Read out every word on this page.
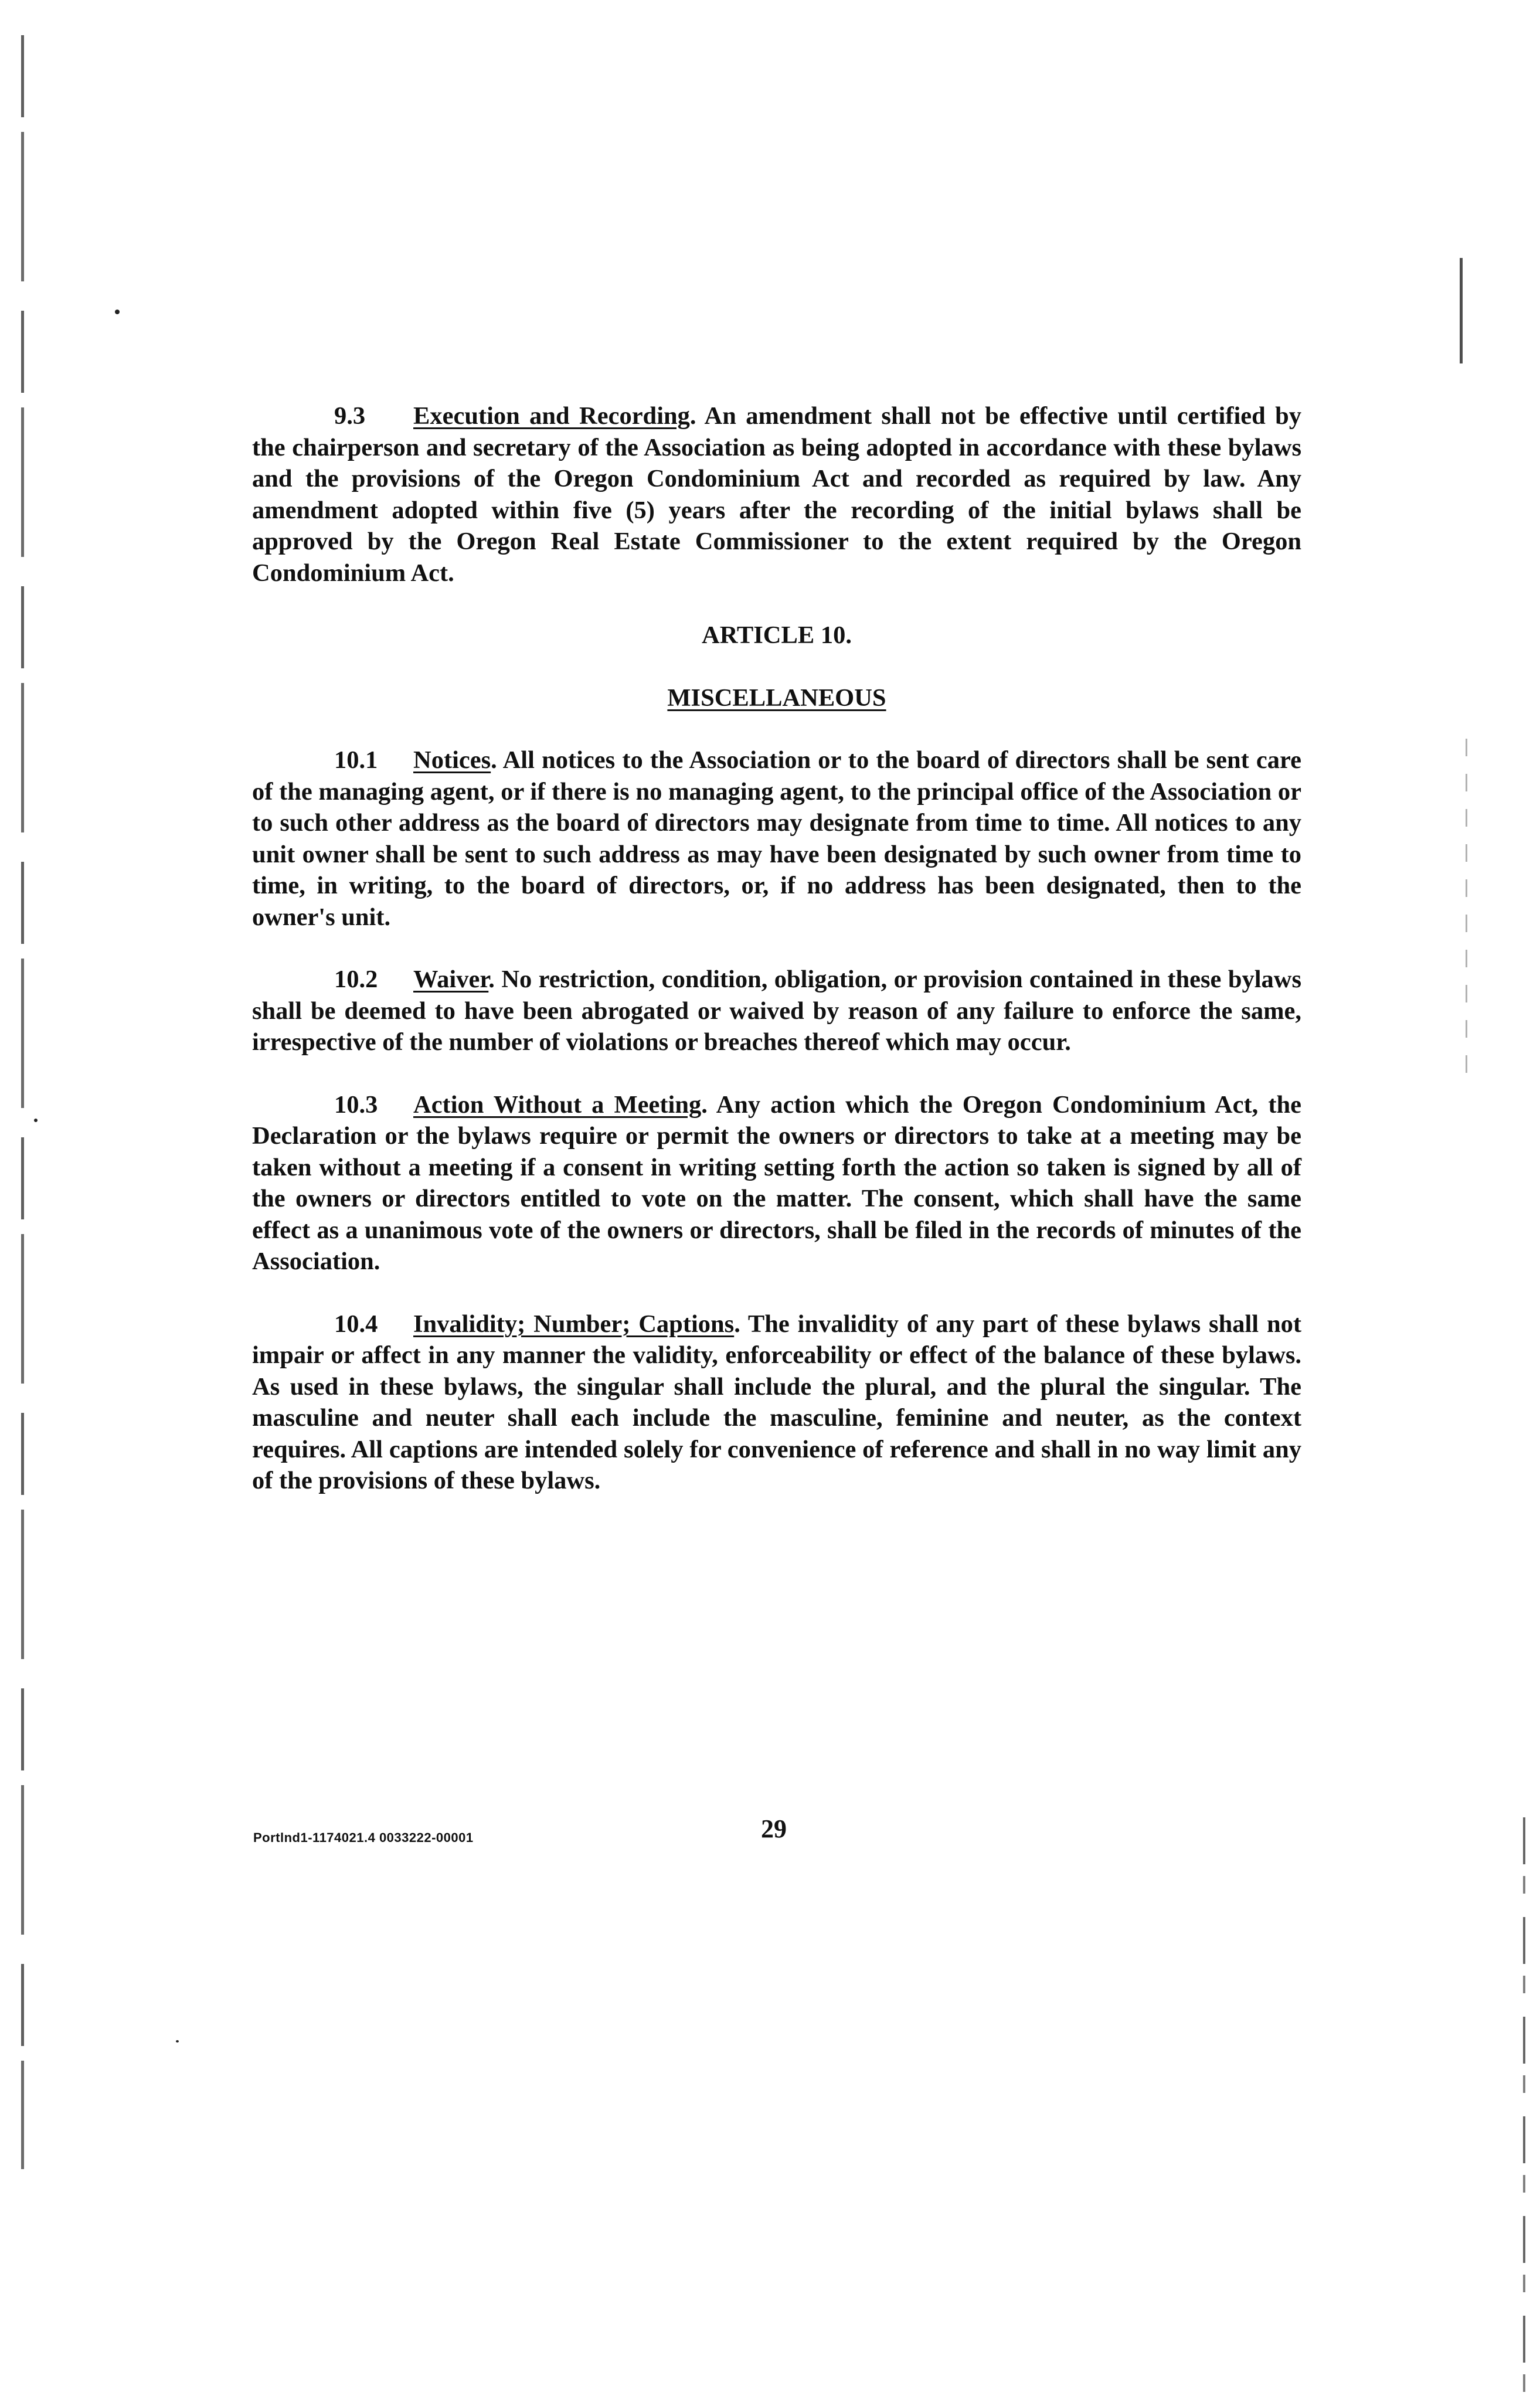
9.3 Execution and Recording. An amendment shall not be effective until certified by the chairperson and secretary of the Association as being adopted in accordance with these bylaws and the provisions of the Oregon Condominium Act and recorded as required by law. Any amendment adopted within five (5) years after the recording of the initial bylaws shall be approved by the Oregon Real Estate Commissioner to the extent required by the Oregon Condominium Act.

ARTICLE 10.

MISCELLANEOUS

10.1 Notices. All notices to the Association or to the board of directors shall be sent care of the managing agent, or if there is no managing agent, to the principal office of the Association or to such other address as the board of directors may designate from time to time. All notices to any unit owner shall be sent to such address as may have been designated by such owner from time to time, in writing, to the board of directors, or, if no address has been designated, then to the owner's unit.

10.2 Waiver. No restriction, condition, obligation, or provision contained in these bylaws shall be deemed to have been abrogated or waived by reason of any failure to enforce the same, irrespective of the number of violations or breaches thereof which may occur.

10.3 Action Without a Meeting. Any action which the Oregon Condominium Act, the Declaration or the bylaws require or permit the owners or directors to take at a meeting may be taken without a meeting if a consent in writing setting forth the action so taken is signed by all of the owners or directors entitled to vote on the matter. The consent, which shall have the same effect as a unanimous vote of the owners or directors, shall be filed in the records of minutes of the Association.

10.4 Invalidity; Number; Captions. The invalidity of any part of these bylaws shall not impair or affect in any manner the validity, enforceability or effect of the balance of these bylaws. As used in these bylaws, the singular shall include the plural, and the plural the singular. The masculine and neuter shall each include the masculine, feminine and neuter, as the context requires. All captions are intended solely for convenience of reference and shall in no way limit any of the provisions of these bylaws.

Portlnd1-1174021.4 0033222-00001	29
